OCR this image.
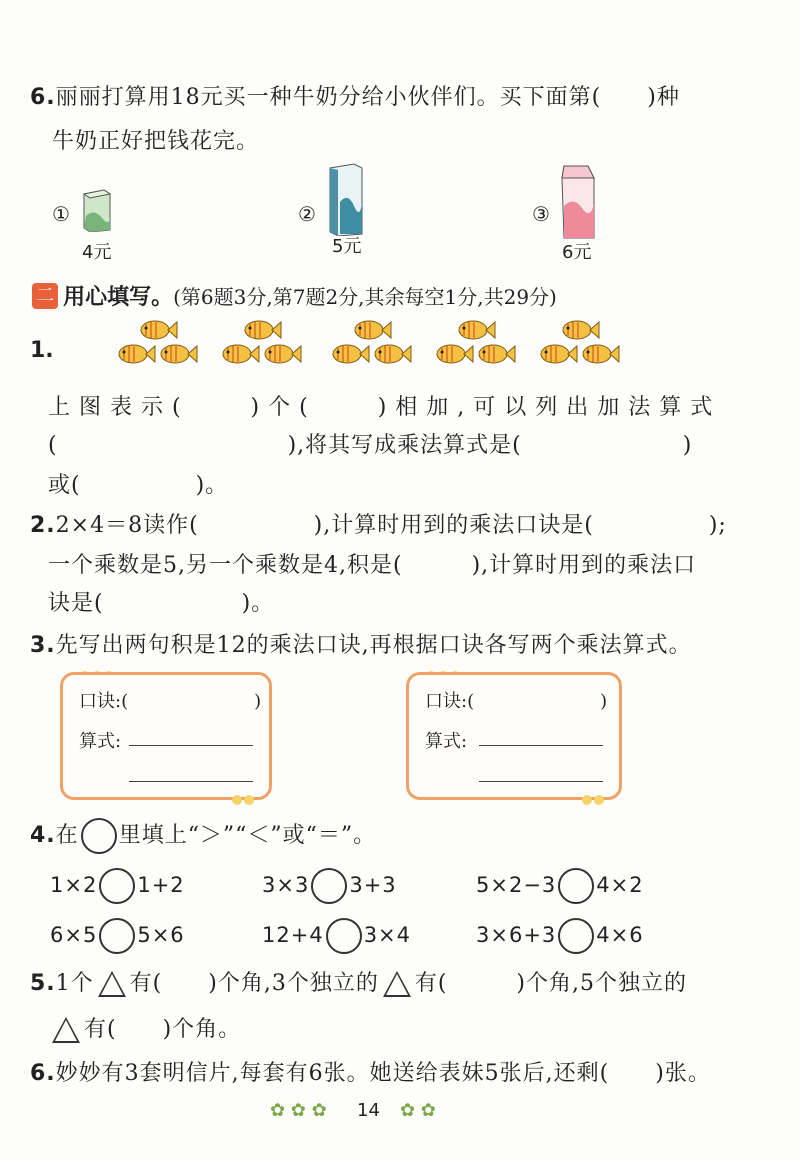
6.丽丽打算用18元买一种牛奶分给小伙伴们。买下面第(　　)种
牛奶正好把钱花完。
①
4元
②
5元
③
6元
二 用心填写。(第6题3分,第7题2分,其余每空1分,共29分)
1.
上 图 表 示 (　　　) 个 (　　　) 相 加 , 可 以 列 出 加 法 算 式
(　　　　　　　　　　),将其写成乘法算式是(　　　　　　　)
或(　　　　　)。
2.2×4＝8读作(　　　　　),计算时用到的乘法口诀是(　　　　　);
一个乘数是5,另一个乘数是4,积是(　　　),计算时用到的乘法口
诀是(　　　　　　)。
3.先写出两句积是12的乘法口诀,再根据口诀各写两个乘法算式。
口诀:(　　　　　　　)
算式:
口诀:(　　　　　　　)
算式:
4.在 里填上“＞”“＜”或“＝”。
1×2 1+2	3×3 3+3	5×2−3 4×2
6×5 5×6	12+4 3×4	3×6+3 4×6
5.1个 有(　　)个角,3个独立的 有(　　　)个角,5个独立的
有(　　)个角。
6.妙妙有3套明信片,每套有6张。她送给表妹5张后,还剩(　　)张。
✿ ✿ ✿ 14 ✿ ✿
